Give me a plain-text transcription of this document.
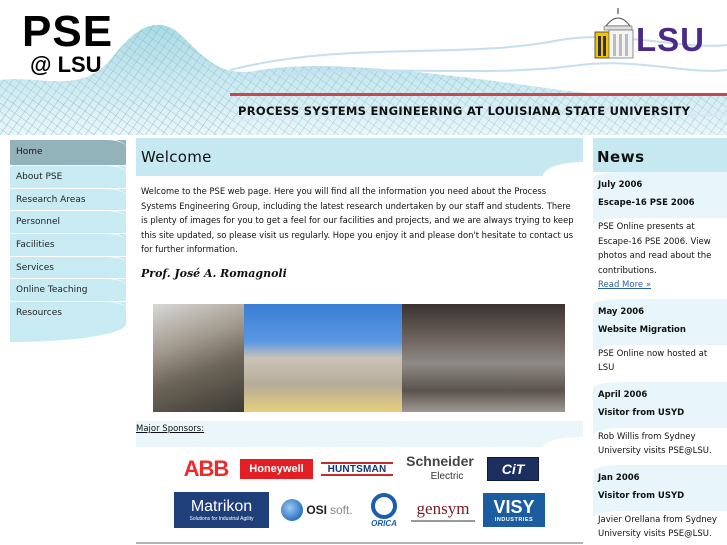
PSE
@ LSU
LSU
PROCESS SYSTEMS ENGINEERING AT LOUISIANA STATE UNIVERSITY
Home
About PSE
Research Areas
Personnel
Facilities
Services
Online Teaching
Resources
Welcome

Welcome to the PSE web page. Here you will find all the information you need about the Process Systems Engineering Group, including the latest research undertaken by our staff and students. There is plenty of images for you to get a feel for our facilities and projects, and we are always trying to keep this site updated, so please visit us regularly. Hope you enjoy it and please don't hesitate to contact us for further information.

Prof. José A. Romagnoli

Major Sponsors:
ABB Honeywell HUNTSMAN Schneider
Electric	CiT
Matrikon
Solutions for Industrial Agility
OSI soft.
ORICA
gensym VISY
INDUSTRIES
News
July 2006
Escape-16 PSE 2006
PSE Online presents at Escape-16 PSE 2006. View photos and read about the contributions.
Read More »
May 2006
Website Migration
PSE Online now hosted at LSU
April 2006
Visitor from USYD
Rob Willis from Sydney University visits PSE@LSU.
Jan 2006
Visitor from USYD
Javier Orellana from Sydney University visits PSE@LSU.
